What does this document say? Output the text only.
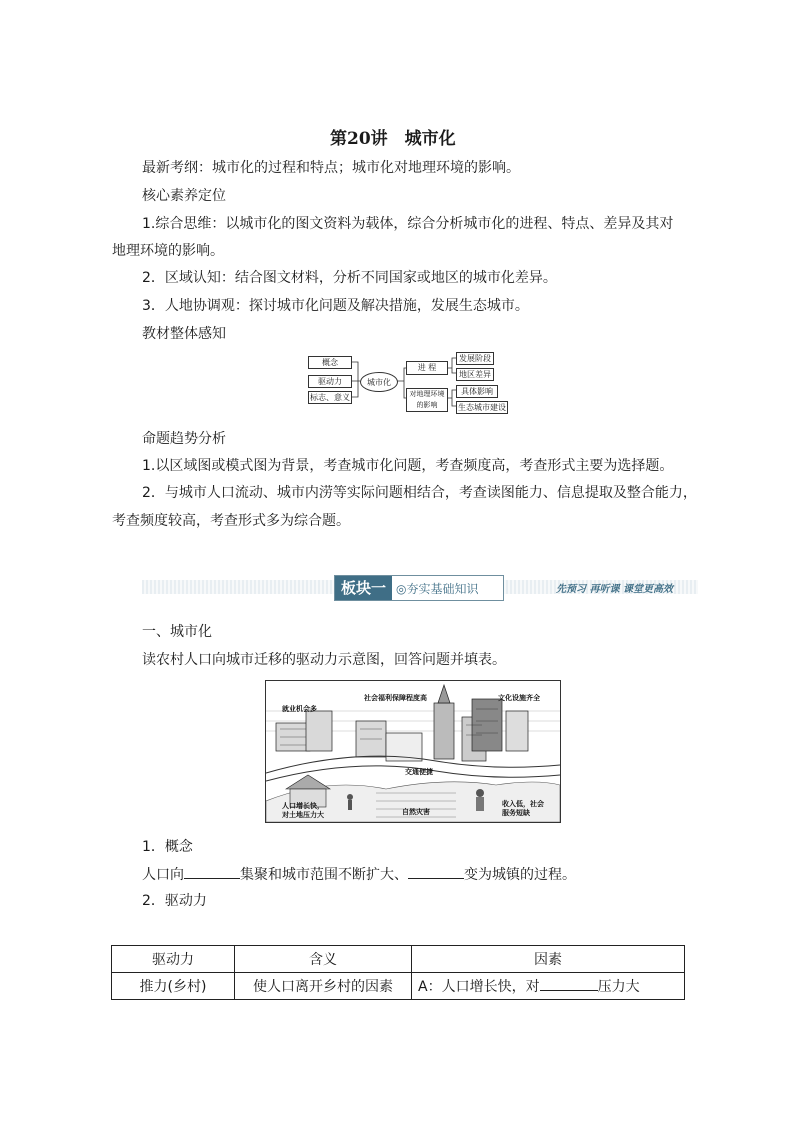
第20讲　城市化
最新考纲：城市化的过程和特点；城市化对地理环境的影响。
核心素养定位
1.综合思维：以城市化的图文资料为载体，综合分析城市化的进程、特点、差异及其对
地理环境的影响。
2．区域认知：结合图文材料，分析不同国家或地区的城市化差异。
3．人地协调观：探讨城市化问题及解决措施，发展生态城市。
教材整体感知
概念
驱动力
标志、意义
城市化
进 程
对地理环境的影响
发展阶段
地区差异
具体影响
生态城市建设
命题趋势分析
1.以区域图或模式图为背景，考查城市化问题，考查频度高，考查形式主要为选择题。
2．与城市人口流动、城市内涝等实际问题相结合，考查读图能力、信息提取及整合能力，
考查频度较高，考查形式多为综合题。
板块一 ◎夯实基础知识	先预习 再听课 课堂更高效
一、城市化
读农村人口向城市迁移的驱动力示意图，回答问题并填表。
就业机会多
社会福利保障程度高	文化设施齐全
交通便捷
人口增长快，对土地压力大	自然灾害
收入低，社会服务短缺
1．概念
人口向	集聚和城市范围不断扩大、	变为城镇的过程。
2．驱动力
驱动力	含义	因素
推力(乡村)	使人口离开乡村的因素	A：人口增长快，对 压力大
